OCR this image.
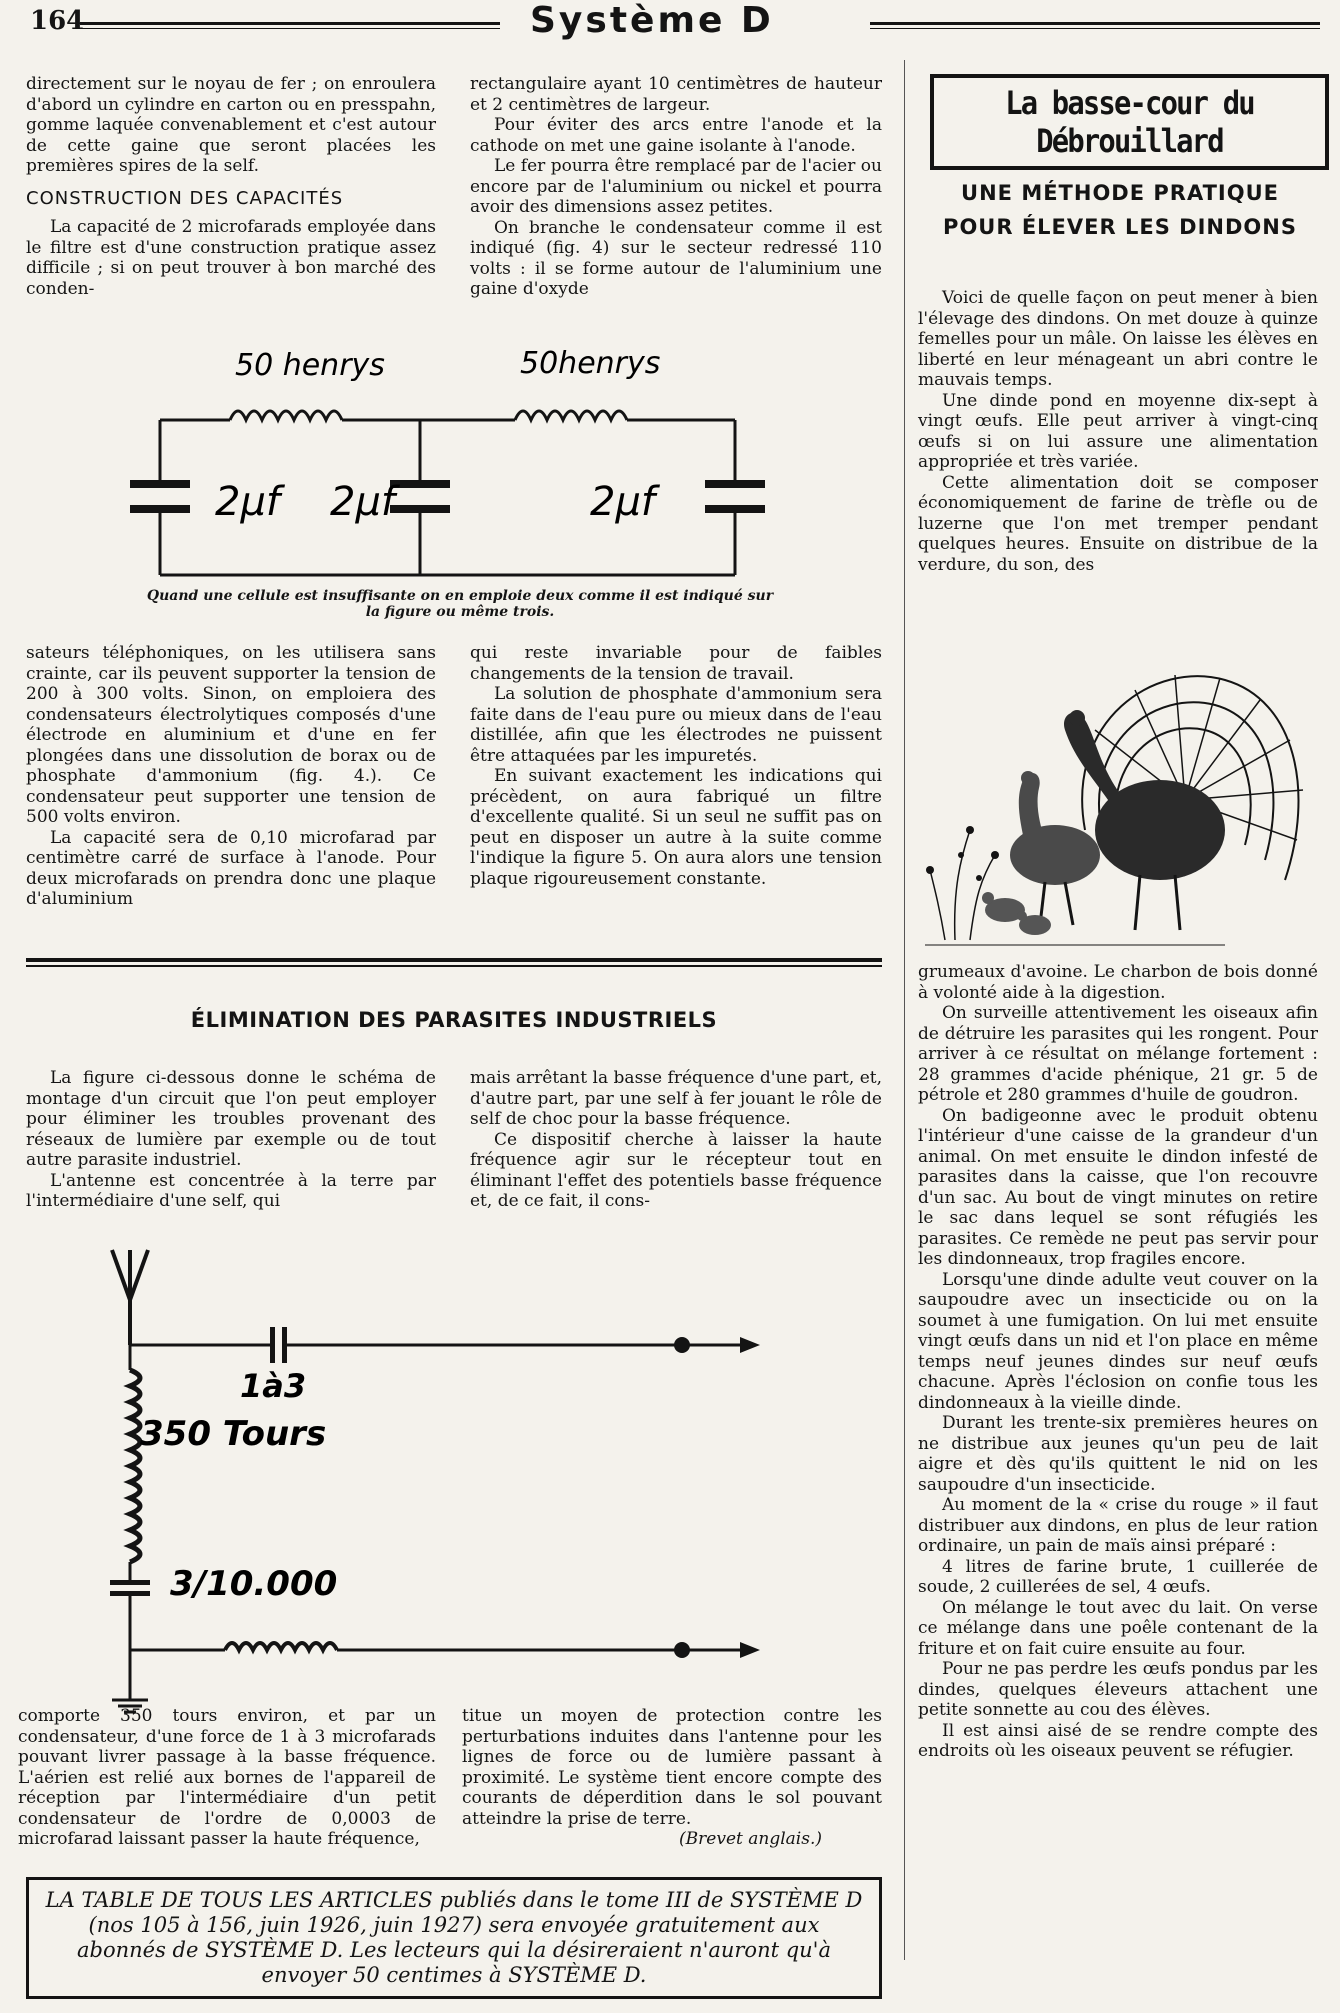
164	Système D

directement sur le noyau de fer ; on enroulera d'abord un cylindre en carton ou en presspahn, gomme laquée convenablement et c'est autour de cette gaine que seront placées les premières spires de la self.

CONSTRUCTION DES CAPACITÉS

La capacité de 2 microfarads employée dans le filtre est d'une construction pratique assez difficile ; si on peut trouver à bon marché des conden-

rectangulaire ayant 10 centimètres de hauteur et 2 centimètres de largeur.

Pour éviter des arcs entre l'anode et la cathode on met une gaine isolante à l'anode.

Le fer pourra être remplacé par de l'acier ou encore par de l'aluminium ou nickel et pourra avoir des dimensions assez petites.

On branche le condensateur comme il est indiqué (fig. 4) sur le secteur redressé 110 volts : il se forme autour de l'aluminium une gaine d'oxyde

50 henrys	50henrys
2μf 2μf	2μf
Quand une cellule est insuffisante on en emploie deux comme il est indiqué sur la figure ou même trois.

sateurs téléphoniques, on les utilisera sans crainte, car ils peuvent supporter la tension de 200 à 300 volts. Sinon, on emploiera des condensateurs électrolytiques composés d'une électrode en aluminium et d'une en fer plongées dans une dissolution de borax ou de phosphate d'ammonium (fig. 4.). Ce condensateur peut supporter une tension de 500 volts environ.

La capacité sera de 0,10 microfarad par centimètre carré de surface à l'anode. Pour deux microfarads on prendra donc une plaque d'aluminium

qui reste invariable pour de faibles changements de la tension de travail.

La solution de phosphate d'ammonium sera faite dans de l'eau pure ou mieux dans de l'eau distillée, afin que les électrodes ne puissent être attaquées par les impuretés.

En suivant exactement les indications qui précèdent, on aura fabriqué un filtre d'excellente qualité. Si un seul ne suffit pas on peut en disposer un autre à la suite comme l'indique la figure 5. On aura alors une tension plaque rigoureusement constante.

La basse-cour du Débrouillard
UNE MÉTHODE PRATIQUE
POUR ÉLEVER LES DINDONS

Voici de quelle façon on peut mener à bien l'élevage des dindons. On met douze à quinze femelles pour un mâle. On laisse les élèves en liberté en leur ménageant un abri contre le mauvais temps.

Une dinde pond en moyenne dix-sept à vingt œufs. Elle peut arriver à vingt-cinq œufs si on lui assure une alimentation appropriée et très variée.

Cette alimentation doit se composer économiquement de farine de trèfle ou de luzerne que l'on met tremper pendant quelques heures. Ensuite on distribue de la verdure, du son, des

grumeaux d'avoine. Le charbon de bois donné à volonté aide à la digestion.

On surveille attentivement les oiseaux afin de détruire les parasites qui les rongent. Pour arriver à ce résultat on mélange fortement : 28 grammes d'acide phénique, 21 gr. 5 de pétrole et 280 grammes d'huile de goudron.

On badigeonne avec le produit obtenu l'intérieur d'une caisse de la grandeur d'un animal. On met ensuite le dindon infesté de parasites dans la caisse, que l'on recouvre d'un sac. Au bout de vingt minutes on retire le sac dans lequel se sont réfugiés les parasites. Ce remède ne peut pas servir pour les dindonneaux, trop fragiles encore.

Lorsqu'une dinde adulte veut couver on la saupoudre avec un insecticide ou on la soumet à une fumigation. On lui met ensuite vingt œufs dans un nid et l'on place en même temps neuf jeunes dindes sur neuf œufs chacune. Après l'éclosion on confie tous les dindonneaux à la vieille dinde.

Durant les trente-six premières heures on ne distribue aux jeunes qu'un peu de lait aigre et dès qu'ils quittent le nid on les saupoudre d'un insecticide.

Au moment de la « crise du rouge » il faut distribuer aux dindons, en plus de leur ration ordinaire, un pain de maïs ainsi préparé :

4 litres de farine brute, 1 cuillerée de soude, 2 cuillerées de sel, 4 œufs.

On mélange le tout avec du lait. On verse ce mélange dans une poêle contenant de la friture et on fait cuire ensuite au four.

Pour ne pas perdre les œufs pondus par les dindes, quelques éleveurs attachent une petite sonnette au cou des élèves.

Il est ainsi aisé de se rendre compte des endroits où les oiseaux peuvent se réfugier.

ÉLIMINATION DES PARASITES INDUSTRIELS

La figure ci-dessous donne le schéma de montage d'un circuit que l'on peut employer pour éliminer les troubles provenant des réseaux de lumière par exemple ou de tout autre parasite industriel.

L'antenne est concentrée à la terre par l'intermédiaire d'une self, qui

mais arrêtant la basse fréquence d'une part, et, d'autre part, par une self à fer jouant le rôle de self de choc pour la basse fréquence.

Ce dispositif cherche à laisser la haute fréquence agir sur le récepteur tout en éliminant l'effet des potentiels basse fréquence et, de ce fait, il cons-

1à3
350 Tours
3/10.000

comporte 350 tours environ, et par un condensateur, d'une force de 1 à 3 microfarads pouvant livrer passage à la basse fréquence. L'aérien est relié aux bornes de l'appareil de réception par l'intermédiaire d'un petit condensateur de l'ordre de 0,0003 de microfarad laissant passer la haute fréquence,

titue un moyen de protection contre les perturbations induites dans l'antenne pour les lignes de force ou de lumière passant à proximité. Le système tient encore compte des courants de déperdition dans le sol pouvant atteindre la prise de terre.

(Brevet anglais.)
LA TABLE DE TOUS LES ARTICLES publiés dans le tome III de SYSTÈME D (nos 105 à 156, juin 1926, juin 1927) sera envoyée gratuitement aux abonnés de SYSTÈME D. Les lecteurs qui la désireraient n'auront qu'à envoyer 50 centimes à SYSTÈME D.
